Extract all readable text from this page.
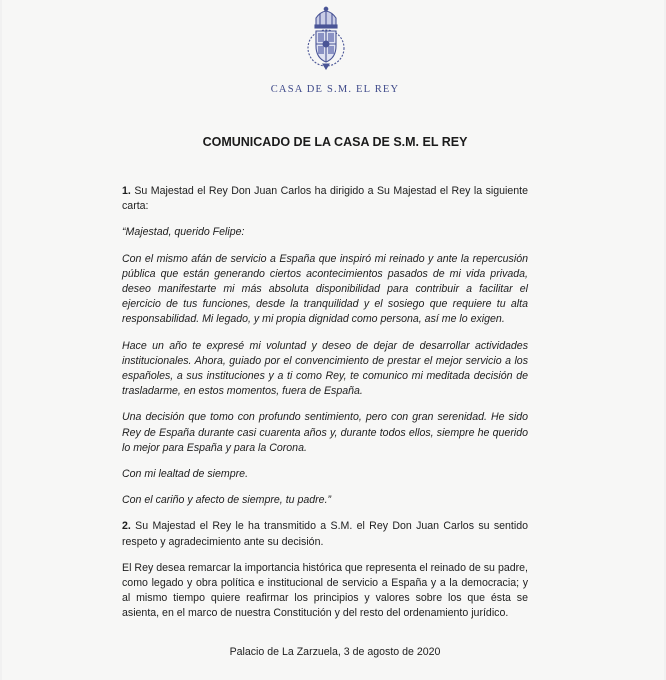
CASA DE S.M. EL REY
COMUNICADO DE LA CASA DE S.M. EL REY

1. Su Majestad el Rey Don Juan Carlos ha dirigido a Su Majestad el Rey la siguiente carta:

“Majestad, querido Felipe:

Con el mismo afán de servicio a España que inspiró mi reinado y ante la repercusión pública que están generando ciertos acontecimientos pasados de mi vida privada, deseo manifestarte mi más absoluta disponibilidad para contribuir a facilitar el ejercicio de tus funciones, desde la tranquilidad y el sosiego que requiere tu alta responsabilidad. Mi legado, y mi propia dignidad como persona, así me lo exigen.

Hace un año te expresé mi voluntad y deseo de dejar de desarrollar actividades institucionales. Ahora, guiado por el convencimiento de prestar el mejor servicio a los españoles, a sus instituciones y a ti como Rey, te comunico mi meditada decisión de trasladarme, en estos momentos, fuera de España.

Una decisión que tomo con profundo sentimiento, pero con gran serenidad. He sido Rey de España durante casi cuarenta años y, durante todos ellos, siempre he querido lo mejor para España y para la Corona.

Con mi lealtad de siempre.

Con el cariño y afecto de siempre, tu padre.”

2. Su Majestad el Rey le ha transmitido a S.M. el Rey Don Juan Carlos su sentido respeto y agradecimiento ante su decisión.

El Rey desea remarcar la importancia histórica que representa el reinado de su padre, como legado y obra política e institucional de servicio a España y a la democracia; y al mismo tiempo quiere reafirmar los principios y valores sobre los que ésta se asienta, en el marco de nuestra Constitución y del resto del ordenamiento jurídico.

Palacio de La Zarzuela, 3 de agosto de 2020
